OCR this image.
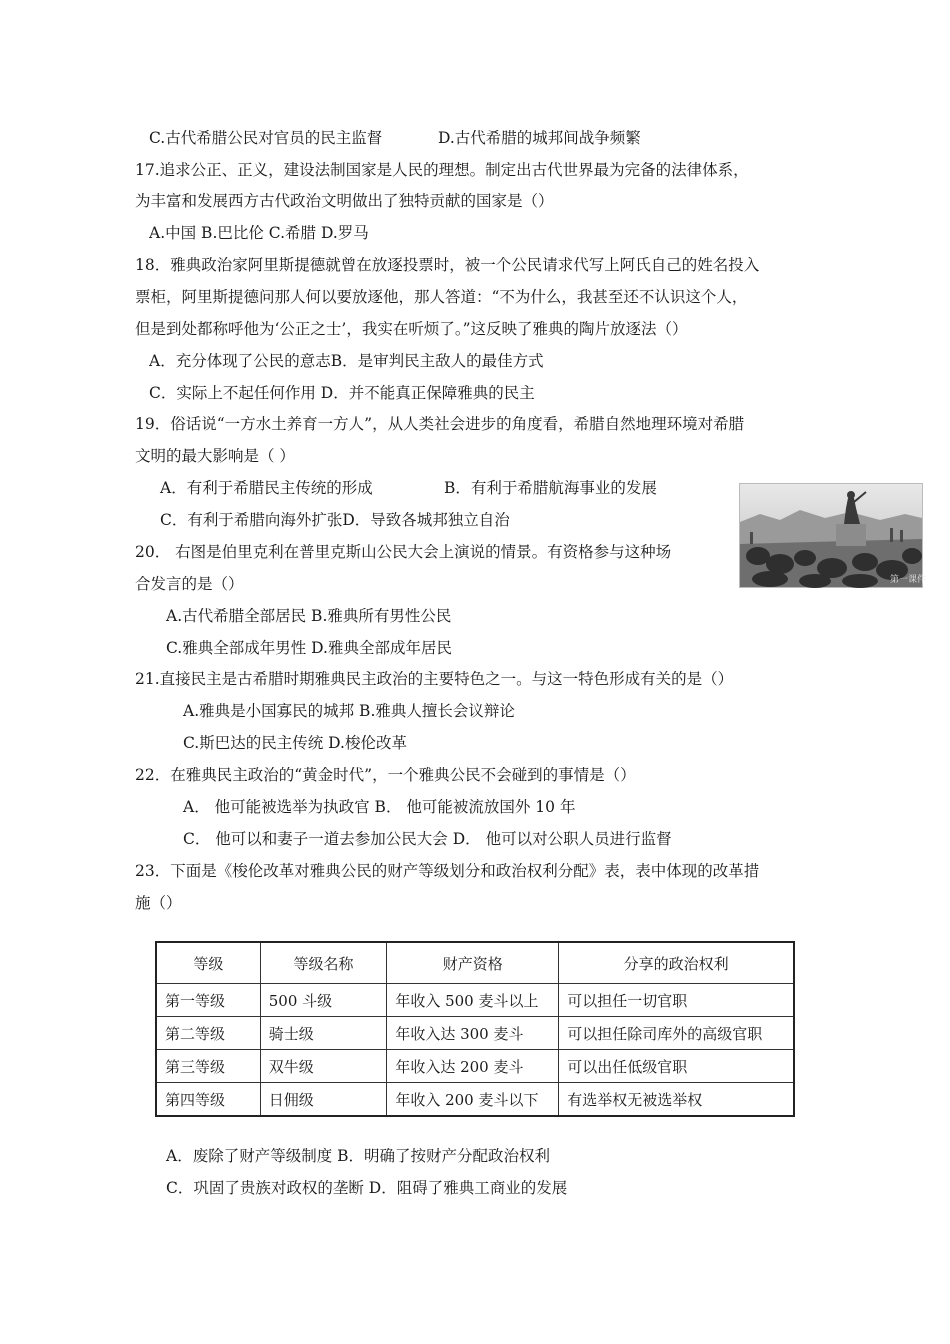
C.古代希腊公民对官员的民主监督	D.古代希腊的城邦间战争频繁
17.追求公正、正义，建设法制国家是人民的理想。制定出古代世界最为完备的法律体系，
为丰富和发展西方古代政治文明做出了独特贡献的国家是（）
A.中国 B.巴比伦 C.希腊 D.罗马
18．雅典政治家阿里斯提德就曾在放逐投票时，被一个公民请求代写上阿氏自己的姓名投入
票柜，阿里斯提德问那人何以要放逐他，那人答道：“不为什么，我甚至还不认识这个人，
但是到处都称呼他为‘公正之士’，我实在听烦了。”这反映了雅典的陶片放逐法（）
A．充分体现了公民的意志B．是审判民主敌人的最佳方式
C．实际上不起任何作用 D．并不能真正保障雅典的民主
19．俗话说“一方水土养育一方人”，从人类社会进步的角度看，希腊自然地理环境对希腊
文明的最大影响是（ ）
A．有利于希腊民主传统的形成	B．有利于希腊航海事业的发展
C．有利于希腊向海外扩张D．导致各城邦独立自治
第一课件
20． 右图是伯里克利在普里克斯山公民大会上演说的情景。有资格参与这种场
合发言的是（）
A.古代希腊全部居民 B.雅典所有男性公民
C.雅典全部成年男性 D.雅典全部成年居民
21.直接民主是古希腊时期雅典民主政治的主要特色之一。与这一特色形成有关的是（）
A.雅典是小国寡民的城邦 B.雅典人擅长会议辩论
C.斯巴达的民主传统 D.梭伦改革
22．在雅典民主政治的“黄金时代”，一个雅典公民不会碰到的事情是（）
A． 他可能被选举为执政官 B． 他可能被流放国外 10 年
C． 他可以和妻子一道去参加公民大会 D． 他可以对公职人员进行监督
23．下面是《梭伦改革对雅典公民的财产等级划分和政治权利分配》表，表中体现的改革措
施（）
等级	等级名称	财产资格	分享的政治权利
第一等级	500 斗级	年收入 500 麦斗以上	可以担任一切官职
第二等级	骑士级	年收入达 300 麦斗	可以担任除司库外的高级官职
第三等级	双牛级	年收入达 200 麦斗	可以出任低级官职
第四等级	日佣级	年收入 200 麦斗以下	有选举权无被选举权
A．废除了财产等级制度 B．明确了按财产分配政治权利
C．巩固了贵族对政权的垄断 D．阻碍了雅典工商业的发展
